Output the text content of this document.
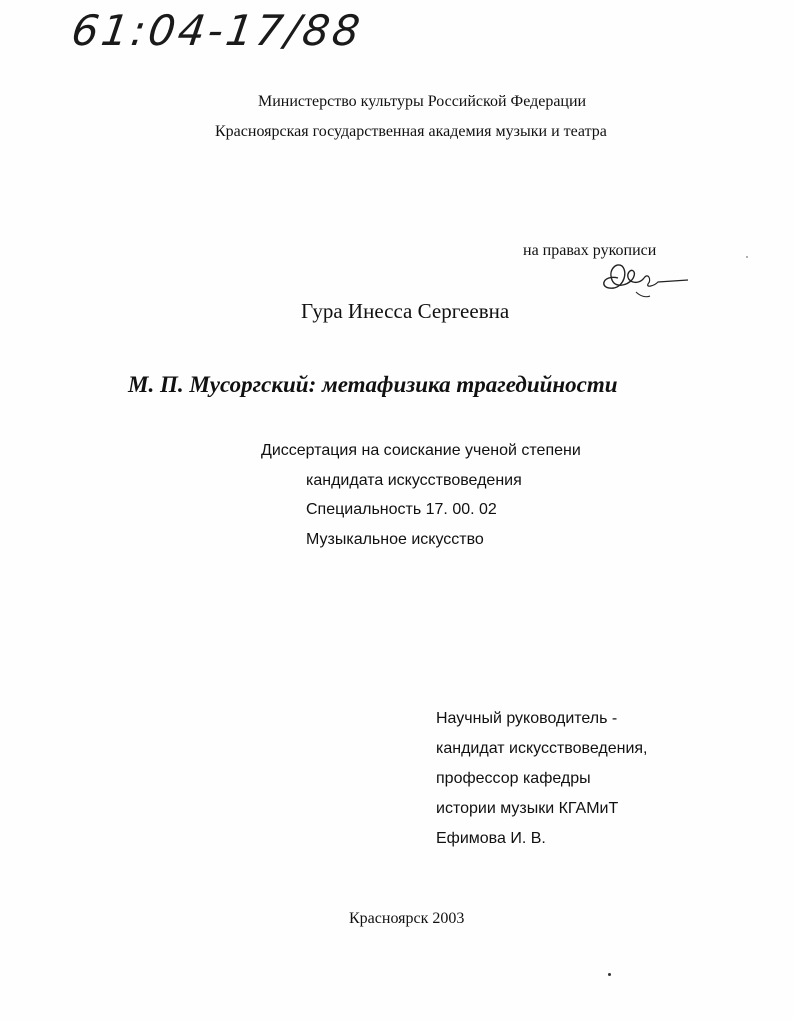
61:04-17/88
Министерство культуры Российской Федерации
Красноярская государственная академия музыки и театра
на правах рукописи
Гура Инесса Сергеевна
М. П. Мусоргский: метафизика трагедийности
Диссертация на соискание ученой степени
кандидата искусствоведения
Специальность 17. 00. 02
Музыкальное искусство
Научный руководитель -
кандидат искусствоведения,
профессор кафедры
истории музыки КГАМиТ
Ефимова И. В.
Красноярск 2003
